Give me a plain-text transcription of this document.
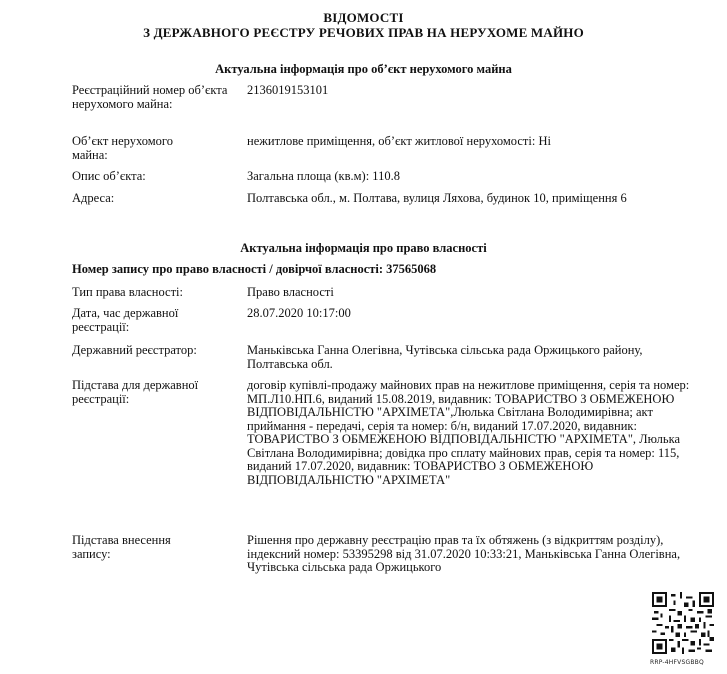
ВІДОМОСТІ
З ДЕРЖАВНОГО РЕЄСТРУ РЕЧОВИХ ПРАВ НА НЕРУХОМЕ МАЙНО
Актуальна інформація про об’єкт нерухомого майна
Реєстраційний номер об’єкта нерухомого майна:
2136019153101
Об’єкт нерухомого майна:
нежитлове приміщення, об’єкт житлової нерухомості: Ні
Опис об’єкта:	Загальна площа (кв.м): 110.8
Адреса:	Полтавська обл., м. Полтава, вулиця Ляхова, будинок 10, приміщення 6
Актуальна інформація про право власності
Номер запису про право власності / довірчої власності: 37565068
Тип права власності:	Право власності
Дата, час державної реєстрації:
28.07.2020 10:17:00
Державний реєстратор:	Маньківська Ганна Олегівна, Чутівська сільська рада Оржицького району, Полтавська обл.
Підстава для державної реєстрації:
договір купівлі-продажу майнових прав на нежитлове приміщення, серія та номер: МП.Л10.НП.6, виданий 15.08.2019, видавник: ТОВАРИСТВО З ОБМЕЖЕНОЮ ВІДПОВІДАЛЬНІСТЮ "АРХІМЕТА",Люлька Світлана Володимирівна; акт приймання - передачі, серія та номер: б/н, виданий 17.07.2020, видавник: ТОВАРИСТВО З ОБМЕЖЕНОЮ ВІДПОВІДАЛЬНІСТЮ "АРХІМЕТА", Люлька Світлана Володимирівна; довідка про сплату майнових прав, серія та номер: 115, виданий 17.07.2020, видавник: ТОВАРИСТВО З ОБМЕЖЕНОЮ ВІДПОВІДАЛЬНІСТЮ "АРХІМЕТА"
Підстава внесення запису:
Рішення про державну реєстрацію прав та їх обтяжень (з відкриттям розділу), індексний номер: 53395298 від 31.07.2020 10:33:21, Маньківська Ганна Олегівна, Чутівська сільська рада Оржицького
RRP-4HFVSGBBQ
